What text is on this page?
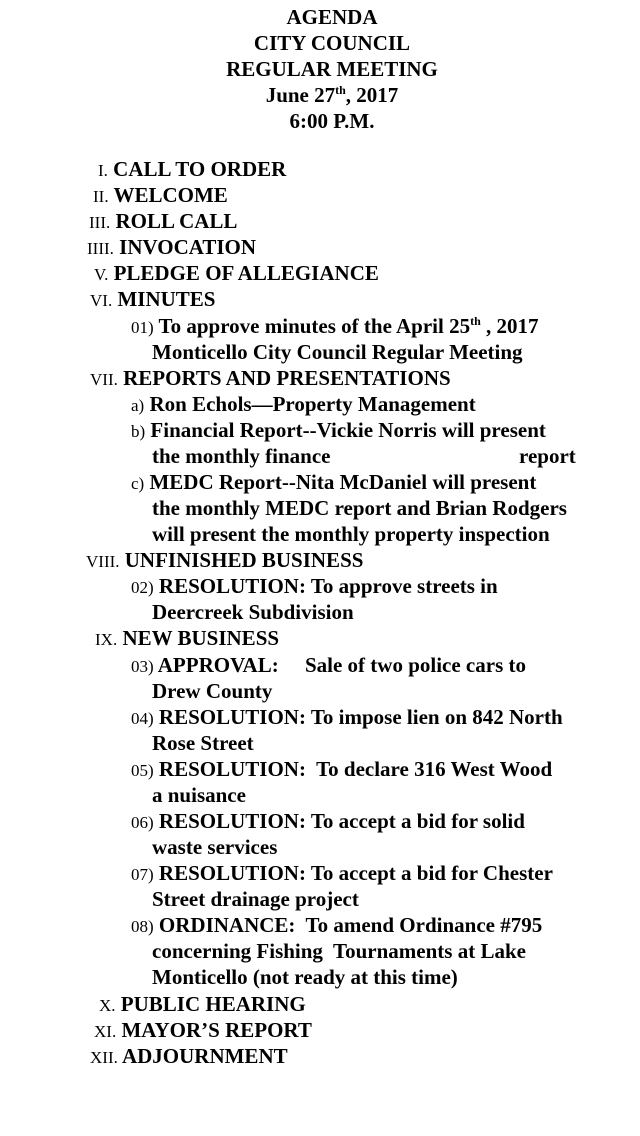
AGENDA
CITY COUNCIL
REGULAR MEETING
June 27th, 2017
6:00 P.M.
I. CALL TO ORDER
II. WELCOME
III. ROLL CALL
IIII. INVOCATION
V. PLEDGE OF ALLEGIANCE
VI. MINUTES
01) To approve minutes of the April 25th , 2017
Monticello City Council Regular Meeting
VII. REPORTS AND PRESENTATIONS
a) Ron Echols—Property Management
b) Financial Report--Vickie Norris will present
the monthly finance	report
c) MEDC Report--Nita McDaniel will present
the monthly MEDC report and Brian Rodgers
will present the monthly property inspection
VIII. UNFINISHED BUSINESS
02) RESOLUTION: To approve streets in
Deercreek Subdivision
IX. NEW BUSINESS
03) APPROVAL:     Sale of two police cars to
Drew County
04) RESOLUTION: To impose lien on 842 North
Rose Street
05) RESOLUTION:  To declare 316 West Wood
a nuisance
06) RESOLUTION: To accept a bid for solid
waste services
07) RESOLUTION: To accept a bid for Chester
Street drainage project
08) ORDINANCE:  To amend Ordinance #795
concerning Fishing  Tournaments at Lake
Monticello (not ready at this time)
X. PUBLIC HEARING
XI. MAYOR’S REPORT
XII. ADJOURNMENT
